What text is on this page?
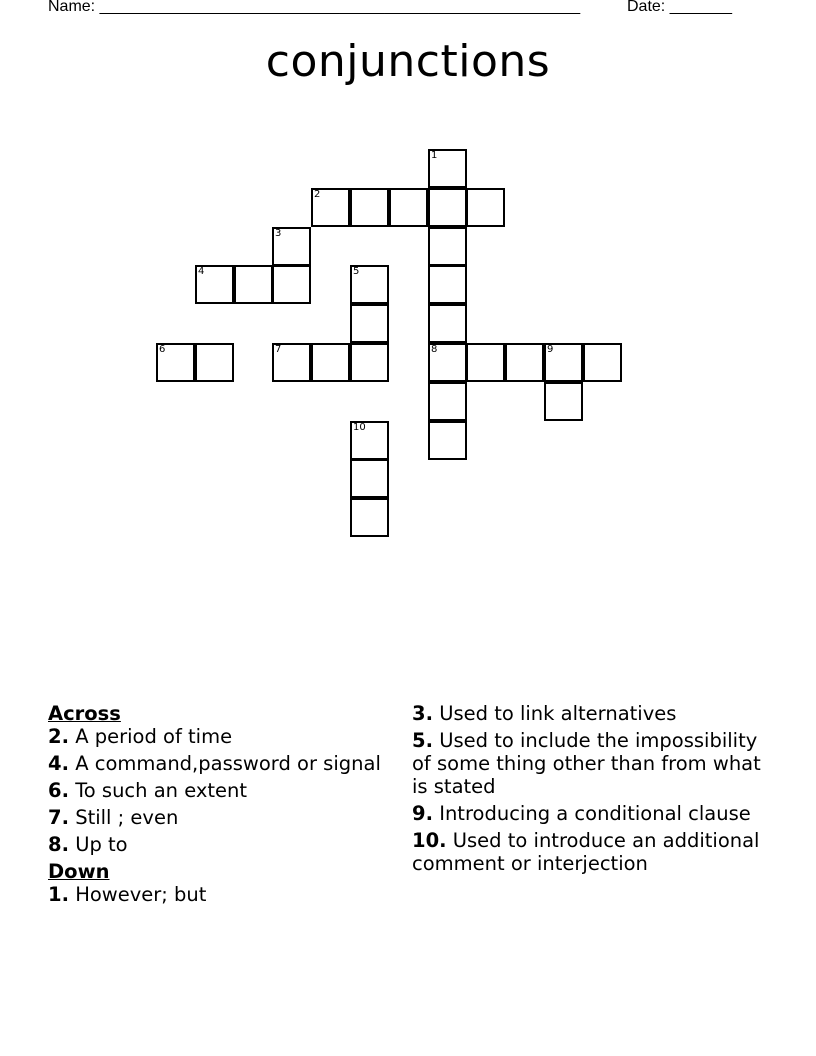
Name: ______________________________________________________	Date: _______
conjunctions
1
2
3
4	5
6	7	8	9
10
Across
2. A period of time
4. A command,password or signal
6. To such an extent
7. Still ; even
8. Up to
Down
1. However; but
3. Used to link alternatives
5. Used to include the impossibility of some thing other than from what is stated
9. Introducing a conditional clause
10. Used to introduce an additional comment or interjection
